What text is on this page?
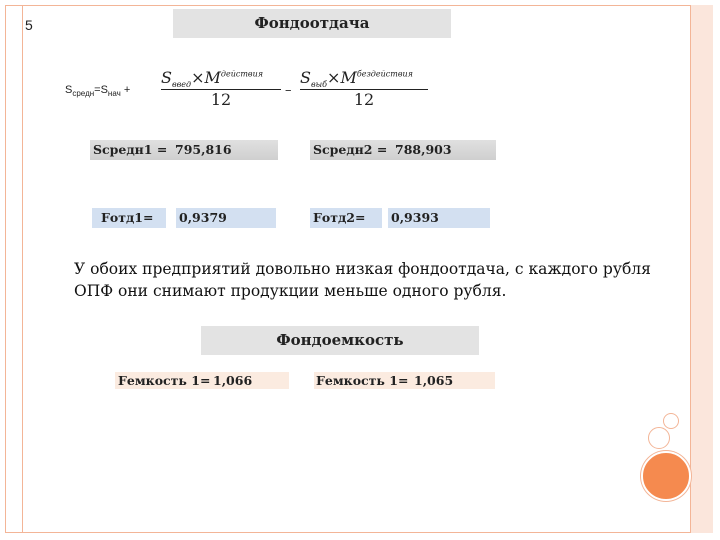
5	Фондоотдача
$S_{средн}=S_{нач}$ +
$S_{введ}\times M^{действия}$
12	–
$S_{выб}\times M^{бездействия}$
12
Sсредн1 = 795,816	Sсредн2 = 788,903
Fотд1=	0,9379	Fотд2=	0,9393
У обоих предприятий довольно низкая фондоотдача, с каждого рубля ОПФ они снимают продукции меньше одного рубля.
Фондоемкость
Fемкость 1= 1,066	Fемкость 1= 1,065
